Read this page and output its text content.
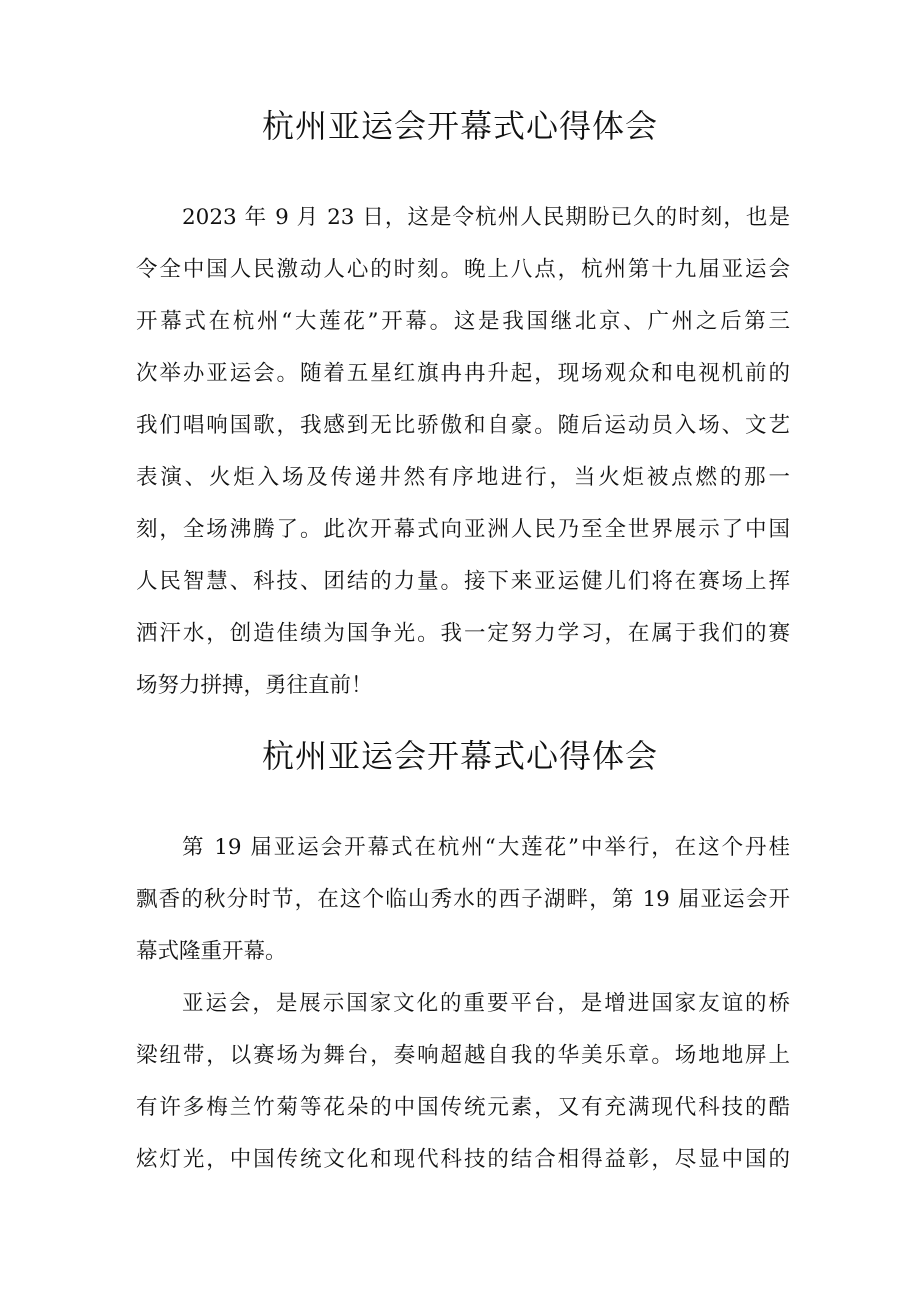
杭州亚运会开幕式心得体会
2023 年 9 月 23 日，这是令杭州人民期盼已久的时刻，也是
令全中国人民激动人心的时刻。晚上八点，杭州第十九届亚运会
开幕式在杭州“大莲花”开幕。这是我国继北京、广州之后第三
次举办亚运会。随着五星红旗冉冉升起，现场观众和电视机前的
我们唱响国歌，我感到无比骄傲和自豪。随后运动员入场、文艺
表演、火炬入场及传递井然有序地进行，当火炬被点燃的那一
刻，全场沸腾了。此次开幕式向亚洲人民乃至全世界展示了中国
人民智慧、科技、团结的力量。接下来亚运健儿们将在赛场上挥
洒汗水，创造佳绩为国争光。我一定努力学习，在属于我们的赛
场努力拼搏，勇往直前！
杭州亚运会开幕式心得体会
第 19 届亚运会开幕式在杭州“大莲花”中举行，在这个丹桂
飘香的秋分时节，在这个临山秀水的西子湖畔，第 19 届亚运会开
幕式隆重开幕。
亚运会，是展示国家文化的重要平台，是增进国家友谊的桥
梁纽带，以赛场为舞台，奏响超越自我的华美乐章。场地地屏上
有许多梅兰竹菊等花朵的中国传统元素，又有充满现代科技的酷
炫灯光，中国传统文化和现代科技的结合相得益彰，尽显中国的
